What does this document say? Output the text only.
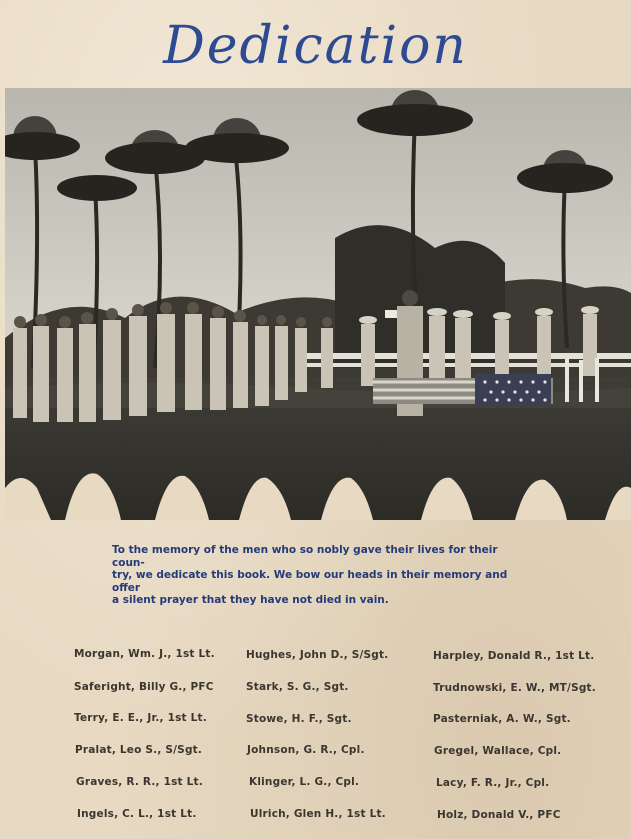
Dedication
To the memory of the men who so nobly gave their lives for their coun-
try, we dedicate this book. We bow our heads in their memory and offer
a silent prayer that they have not died in vain.
Morgan, Wm. J., 1st Lt.
Saferight, Billy G., PFC
Terry, E. E., Jr., 1st Lt.
Pralat, Leo S., S/Sgt.
Graves, R. R., 1st Lt.
Ingels, C. L., 1st Lt.
Hughes, John D., S/Sgt.
Stark, S. G., Sgt.
Stowe, H. F., Sgt.
Johnson, G. R., Cpl.
Klinger, L. G., Cpl.
Ulrich, Glen H., 1st Lt.
Harpley, Donald R., 1st Lt.
Trudnowski, E. W., MT/Sgt.
Pasterniak, A. W., Sgt.
Gregel, Wallace, Cpl.
Lacy, F. R., Jr., Cpl.
Holz, Donald V., PFC
